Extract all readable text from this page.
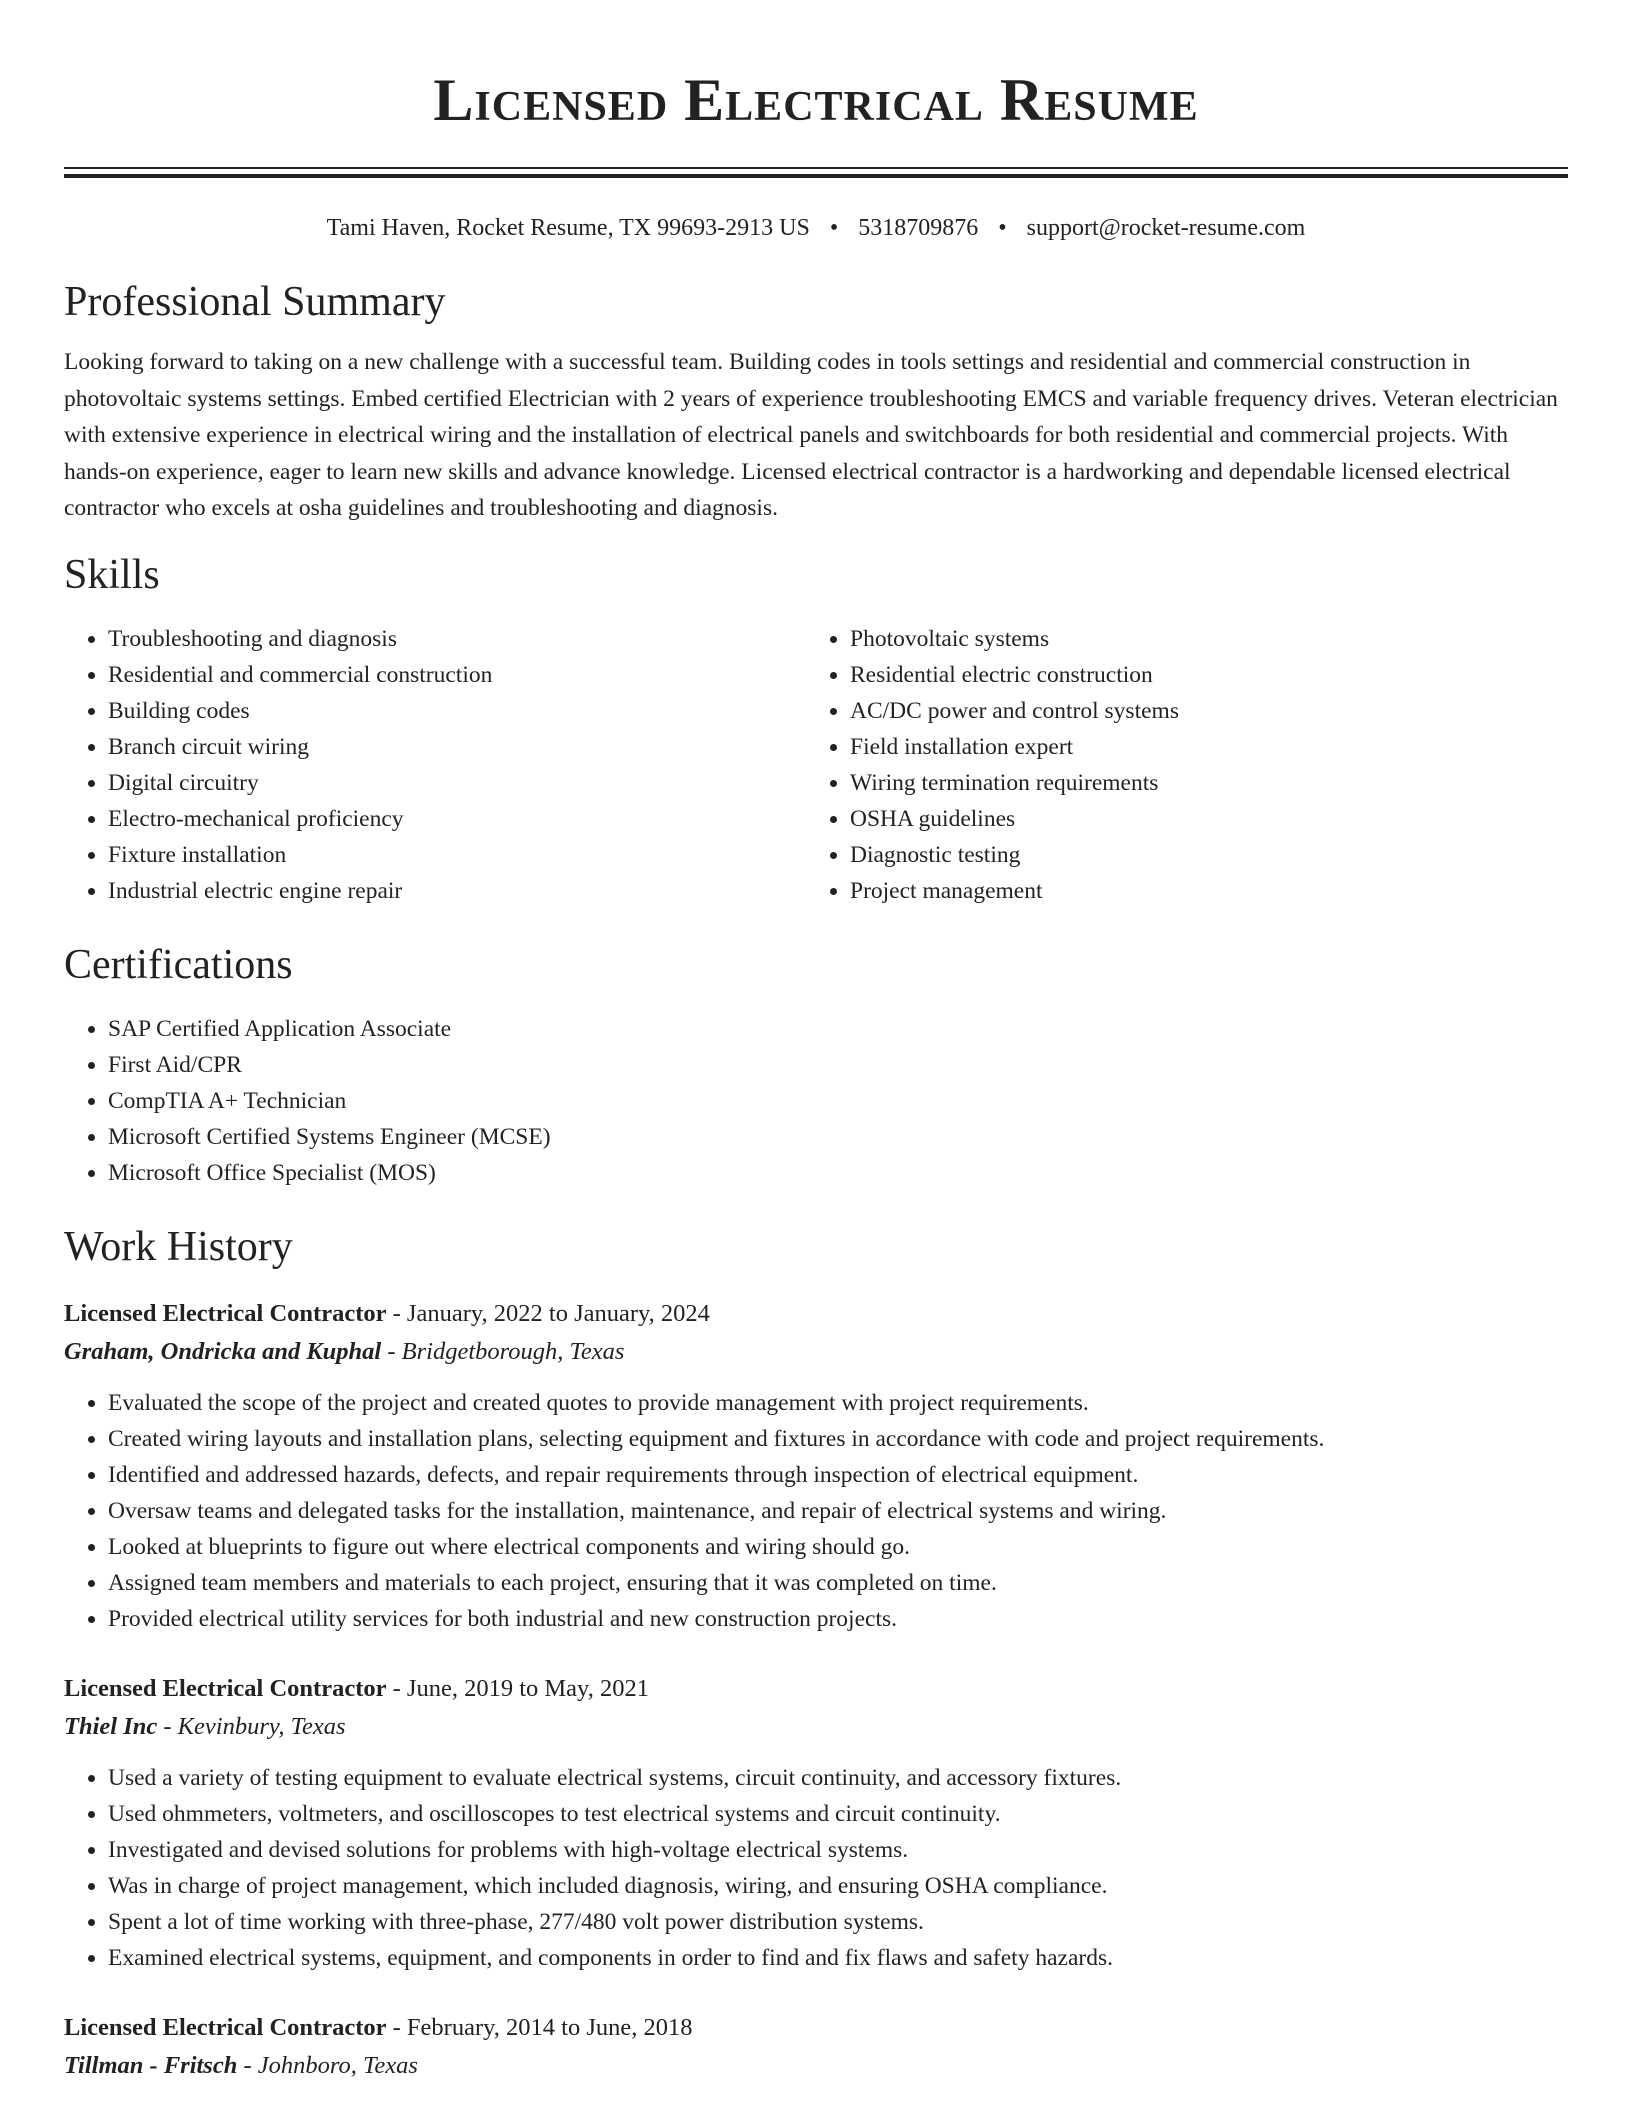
Licensed Electrical Resume
Tami Haven, Rocket Resume, TX 99693-2913 US • 5318709876 • support@rocket-resume.com
Professional Summary

Looking forward to taking on a new challenge with a successful team. Building codes in tools settings and residential and commercial construction in photovoltaic systems settings. Embed certified Electrician with 2 years of experience troubleshooting EMCS and variable frequency drives. Veteran electrician with extensive experience in electrical wiring and the installation of electrical panels and switchboards for both residential and commercial projects. With hands-on experience, eager to learn new skills and advance knowledge. Licensed electrical contractor is a hardworking and dependable licensed electrical contractor who excels at osha guidelines and troubleshooting and diagnosis.

Skills
• Troubleshooting and diagnosis
• Residential and commercial construction
• Building codes
• Branch circuit wiring
• Digital circuitry
• Electro-mechanical proficiency
• Fixture installation
• Industrial electric engine repair
• Photovoltaic systems
• Residential electric construction
• AC/DC power and control systems
• Field installation expert
• Wiring termination requirements
• OSHA guidelines
• Diagnostic testing
• Project management
Certifications
• SAP Certified Application Associate
• First Aid/CPR
• CompTIA A+ Technician
• Microsoft Certified Systems Engineer (MCSE)
• Microsoft Office Specialist (MOS)
Work History
Licensed Electrical Contractor - January, 2022 to January, 2024
Graham, Ondricka and Kuphal - Bridgetborough, Texas
• Evaluated the scope of the project and created quotes to provide management with project requirements.
• Created wiring layouts and installation plans, selecting equipment and fixtures in accordance with code and project requirements.
• Identified and addressed hazards, defects, and repair requirements through inspection of electrical equipment.
• Oversaw teams and delegated tasks for the installation, maintenance, and repair of electrical systems and wiring.
• Looked at blueprints to figure out where electrical components and wiring should go.
• Assigned team members and materials to each project, ensuring that it was completed on time.
• Provided electrical utility services for both industrial and new construction projects.
Licensed Electrical Contractor - June, 2019 to May, 2021
Thiel Inc - Kevinbury, Texas
• Used a variety of testing equipment to evaluate electrical systems, circuit continuity, and accessory fixtures.
• Used ohmmeters, voltmeters, and oscilloscopes to test electrical systems and circuit continuity.
• Investigated and devised solutions for problems with high-voltage electrical systems.
• Was in charge of project management, which included diagnosis, wiring, and ensuring OSHA compliance.
• Spent a lot of time working with three-phase, 277/480 volt power distribution systems.
• Examined electrical systems, equipment, and components in order to find and fix flaws and safety hazards.
Licensed Electrical Contractor - February, 2014 to June, 2018
Tillman - Fritsch - Johnboro, Texas
